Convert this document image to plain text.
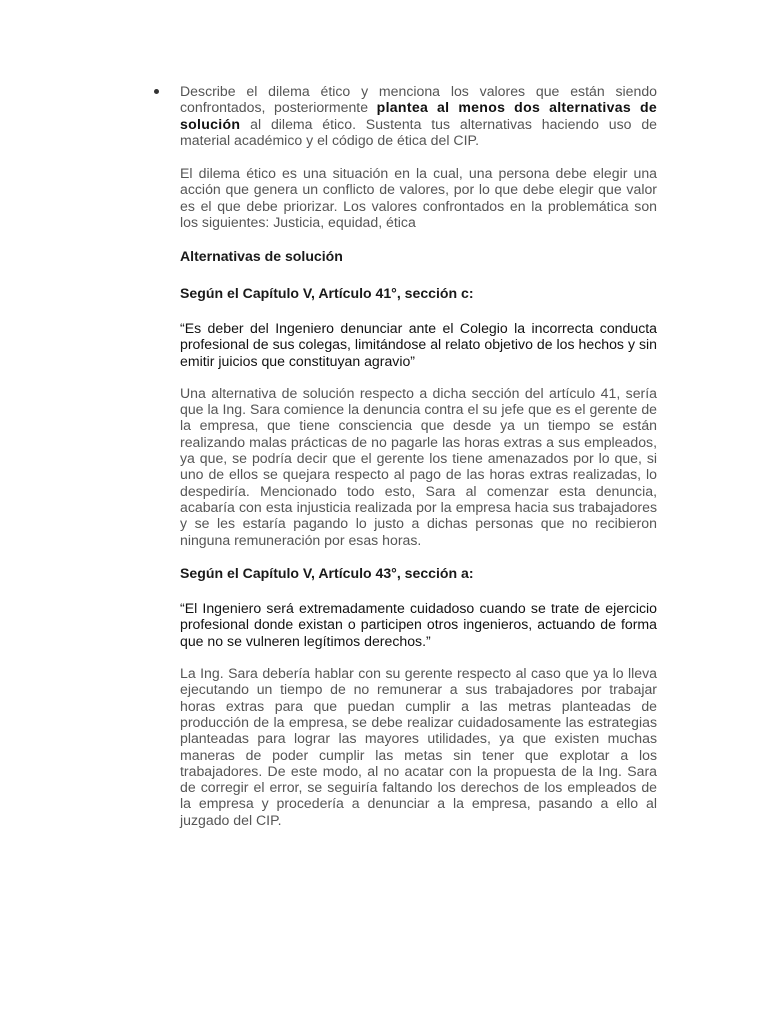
Describe el dilema ético y menciona los valores que están siendo confrontados, posteriormente plantea al menos dos alternativas de solución al dilema ético. Sustenta tus alternativas haciendo uso de material académico y el código de ética del CIP.

El dilema ético es una situación en la cual, una persona debe elegir una acción que genera un conflicto de valores, por lo que debe elegir que valor es el que debe priorizar. Los valores confrontados en la problemática son los siguientes: Justicia, equidad, ética

Alternativas de solución

Según el Capítulo V, Artículo 41°, sección c:

“Es deber del Ingeniero denunciar ante el Colegio la incorrecta conducta profesional de sus colegas, limitándose al relato objetivo de los hechos y sin emitir juicios que constituyan agravio”

Una alternativa de solución respecto a dicha sección del artículo 41, sería que la Ing. Sara comience la denuncia contra el su jefe que es el gerente de la empresa, que tiene consciencia que desde ya un tiempo se están realizando malas prácticas de no pagarle las horas extras a sus empleados, ya que, se podría decir que el gerente los tiene amenazados por lo que, si uno de ellos se quejara respecto al pago de las horas extras realizadas, lo despediría. Mencionado todo esto, Sara al comenzar esta denuncia, acabaría con esta injusticia realizada por la empresa hacia sus trabajadores y se les estaría pagando lo justo a dichas personas que no recibieron ninguna remuneración por esas horas.

Según el Capítulo V, Artículo 43°, sección a:

“El Ingeniero será extremadamente cuidadoso cuando se trate de ejercicio profesional donde existan o participen otros ingenieros, actuando de forma que no se vulneren legítimos derechos.”

La Ing. Sara debería hablar con su gerente respecto al caso que ya lo lleva ejecutando un tiempo de no remunerar a sus trabajadores por trabajar horas extras para que puedan cumplir a las metras planteadas de producción de la empresa, se debe realizar cuidadosamente las estrategias planteadas para lograr las mayores utilidades, ya que existen muchas maneras de poder cumplir las metas sin tener que explotar a los trabajadores. De este modo, al no acatar con la propuesta de la Ing. Sara de corregir el error, se seguiría faltando los derechos de los empleados de la empresa y procedería a denunciar a la empresa, pasando a ello al juzgado del CIP.
